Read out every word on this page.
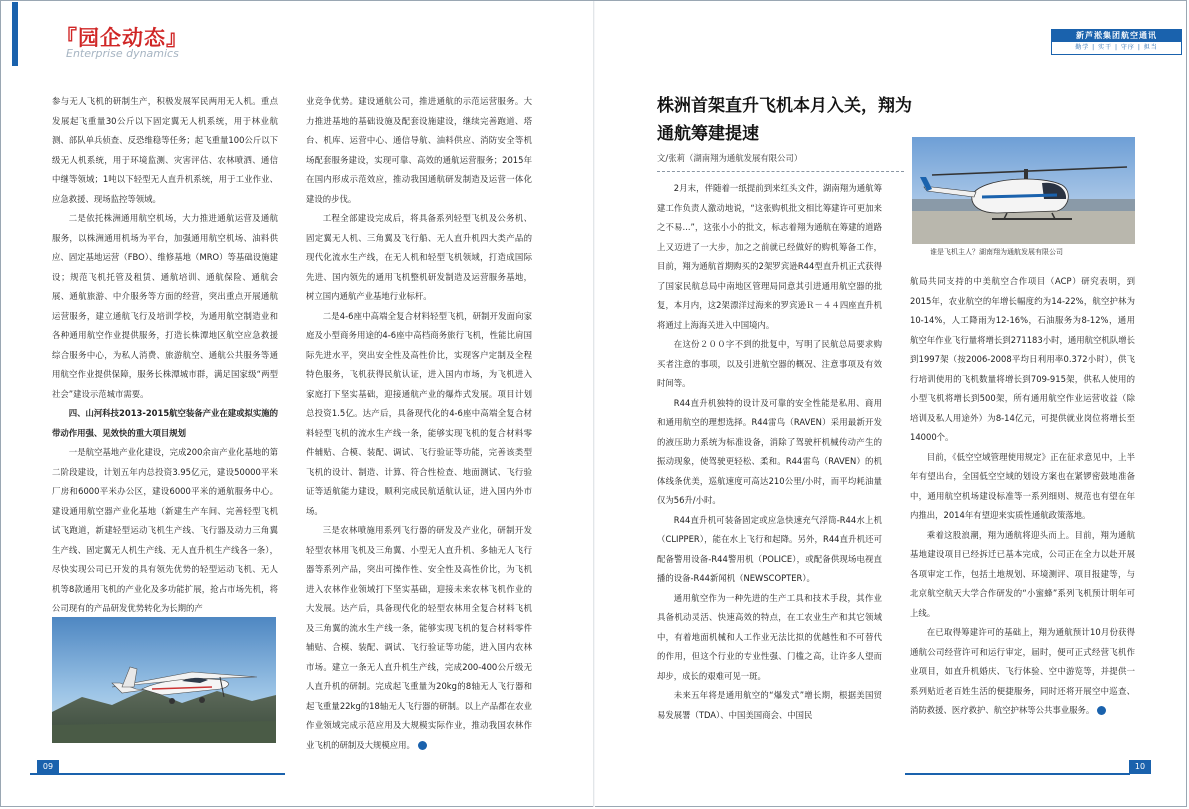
『园企动态』
Enterprise dynamics
新芦淞集团航空通讯
勤学 | 实干 | 守序 | 担当

参与无人飞机的研制生产，积极发展军民两用无人机。重点发展起飞重量30公斤以下固定翼无人机系统，用于林业航测、部队单兵侦查、反恐维稳等任务；起飞重量100公斤以下级无人机系统，用于环境监测、灾害评估、农林喷洒、通信中继等领域；1吨以下轻型无人直升机系统，用于工业作业、应急救援、现场监控等领域。

二是依托株洲通用航空机场，大力推进通航运营及通航服务，以株洲通用机场为平台，加强通用航空机场、油料供应、固定基地运营（FBO）、维修基地（MRO）等基础设施建设；规范飞机托管及租赁、通航培训、通航保险、通航会展、通航旅游、中介服务等方面的经营，突出重点开展通航运营服务，建立通航飞行及培训学校，为通用航空制造业和各种通用航空作业提供服务，打造长株潭地区航空应急救援综合服务中心，为私人消费、旅游航空、通航公共服务等通用航空作业提供保障，服务长株潭城市群，满足国家级“两型社会”建设示范城市需要。

四、山河科技2013-2015航空装备产业在建或拟实施的带动作用强、见效快的重大项目规划

一是航空基地产业化建设，完成200余亩产业化基地的第二阶段建设，计划五年内总投资3.95亿元，建设50000平米厂房和6000平米办公区，建设6000平米的通航服务中心。建设通用航空器产业化基地（新建生产车间、完善轻型飞机试飞跑道，新建轻型运动飞机生产线、飞行器及动力三角翼生产线、固定翼无人机生产线、无人直升机生产线各一条），尽快实现公司已开发的具有领先优势的轻型运动飞机、无人机等8款通用飞机的产业化及多功能扩展，抢占市场先机，将公司现有的产品研发优势转化为长期的产

业竞争优势。建设通航公司，推进通航的示范运营服务。大力推进基地的基础设施及配套设施建设，继续完善跑道、塔台、机库、运营中心、通信导航、油料供应、消防安全等机场配套服务建设，实现可靠、高效的通航运营服务；2015年在国内形成示范效应，推动我国通航研发制造及运营一体化建设的步伐。

工程全部建设完成后，将具备系列轻型飞机及公务机、固定翼无人机、三角翼及飞行船、无人直升机四大类产品的现代化流水生产线，在无人机和轻型飞机领域，打造成国际先进、国内领先的通用飞机整机研发制造及运营服务基地，树立国内通航产业基地行业标杆。

二是4-6座中高端全复合材料轻型飞机，研制开发面向家庭及小型商务用途的4-6座中高档商务旅行飞机，性能比肩国际先进水平，突出安全性及高性价比，实现客户定制及全程特色服务，飞机获得民航认证，进入国内市场，为飞机进入家庭打下坚实基础，迎接通航产业的爆炸式发展。项目计划总投资1.5亿。达产后，具备现代化的4-6座中高端全复合材料轻型飞机的流水生产线一条，能够实现飞机的复合材料零件辅贴、合模、装配、调试、飞行验证等功能，完善该类型飞机的设计、制造、计算、符合性检查、地面测试、飞行验证等适航能力建设，顺利完成民航适航认证，进入国内外市场。

三是农林喷施用系列飞行器的研发及产业化，研制开发轻型农林用飞机及三角翼、小型无人直升机、多轴无人飞行器等系列产品，突出可操作性、安全性及高性价比，为飞机进入农林作业领域打下坚实基础，迎接未来农林飞机作业的大发展。达产后，具备现代化的轻型农林用全复合材料飞机及三角翼的流水生产线一条，能够实现飞机的复合材料零件辅贴、合模、装配、调试、飞行验证等功能，进入国内农林市场。建立一条无人直升机生产线，完成200-400公斤级无人直升机的研制。完成起飞重量为20kg的8轴无人飞行器和起飞重量22kg的18轴无人飞行器的研制。以上产品都在农业作业领域完成示范应用及大规模实际作业，推动我国农林作业飞机的研制及大规模应用。 +

株洲首架直升飞机本月入关，翔为通航筹建提速
文/张莉（湖南翔为通航发展有限公司）
谁是飞机主人？湖南翔为通航发展有限公司

2月末，伴随着一纸提前到来红头文件，湖南翔为通航筹建工作负责人激动地说，“这张购机批文相比筹建许可更加来之不易...”，这张小小的批文，标志着翔为通航在筹建的道路上又迈进了一大步，加之之前就已经做好的购机筹备工作，目前，翔为通航首期购买的2架罗宾逊R44型直升机正式获得了国家民航总局中南地区管理局同意其引进通用航空器的批复，本月内，这2架漂洋过海来的罗宾逊Ｒ－４４四座直升机将通过上海海关进入中国境内。

在这份２００字不到的批复中，写明了民航总局要求购买者注意的事项，以及引进航空器的概况、注意事项及有效时间等。

R44直升机独特的设计及可靠的安全性能是私用、商用和通用航空的理想选择。R44雷鸟（RAVEN）采用最新开发的液压助力系统为标准设备，消除了驾驶杆机械传动产生的振动现象，使驾驶更轻松、柔和。R44雷鸟（RAVEN）的机体线条优美，巡航速度可高达210公里/小时，而平均耗油量仅为56升/小时。

R44直升机可装备固定或应急快速充气浮筒-R44水上机（CLIPPER），能在水上飞行和起降。另外，R44直升机还可配备警用设备-R44警用机（POLICE），或配备供现场电视直播的设备-R44新闻机（NEWSCOPTER）。

通用航空作为一种先进的生产工具和技术手段，其作业具备机动灵活、快速高效的特点，在工农业生产和其它领域中，有着地面机械和人工作业无法比拟的优越性和不可替代的作用，但这个行业的专业性强、门槛之高，让许多人望而却步，成长的艰难可见一斑。

未来五年将是通用航空的“爆发式”增长期，根据美国贸易发展署（TDA）、中国美国商会、中国民

航局共同支持的中美航空合作项目（ACP）研究表明，到2015年，农业航空的年增长幅度约为14-22%，航空护林为10-14%，人工降雨为12-16%，石油服务为8-12%，通用航空年作业飞行量将增长到271183小时，通用航空机队增长到1997架（按2006-2008平均日利用率0.372小时），供飞行培训使用的飞机数量将增长到709-915架，供私人使用的小型飞机将增长到500架，所有通用航空作业运营收益（除培训及私人用途外）为8-14亿元，可提供就业岗位将增长至14000个。

目前，《低空空域管理使用规定》正在征求意见中，上半年有望出台，全国低空空域的划设方案也在紧锣密鼓地准备中，通用航空机场建设标准等一系列细则、规范也有望在年内推出，2014年有望迎来实质性通航政策落地。

乘着这股浪潮，翔为通航将迎头而上。目前，翔为通航基地建设项目已经拆迁已基本完成，公司正在全力以赴开展各项审定工作，包括土地规划、环境测评、项目报建等，与北京航空航天大学合作研发的“小蜜蜂”系列飞机预计明年可上线。

在已取得筹建许可的基础上，翔为通航预计10月份获得通航公司经营许可和运行审定，届时，便可正式经营飞机作业项目，如直升机婚庆、飞行体验、空中游览等，并提供一系列贴近老百姓生活的便捷服务，同时还将开展空中巡查、消防救援、医疗救护、航空护林等公共事业服务。 +

09	10
